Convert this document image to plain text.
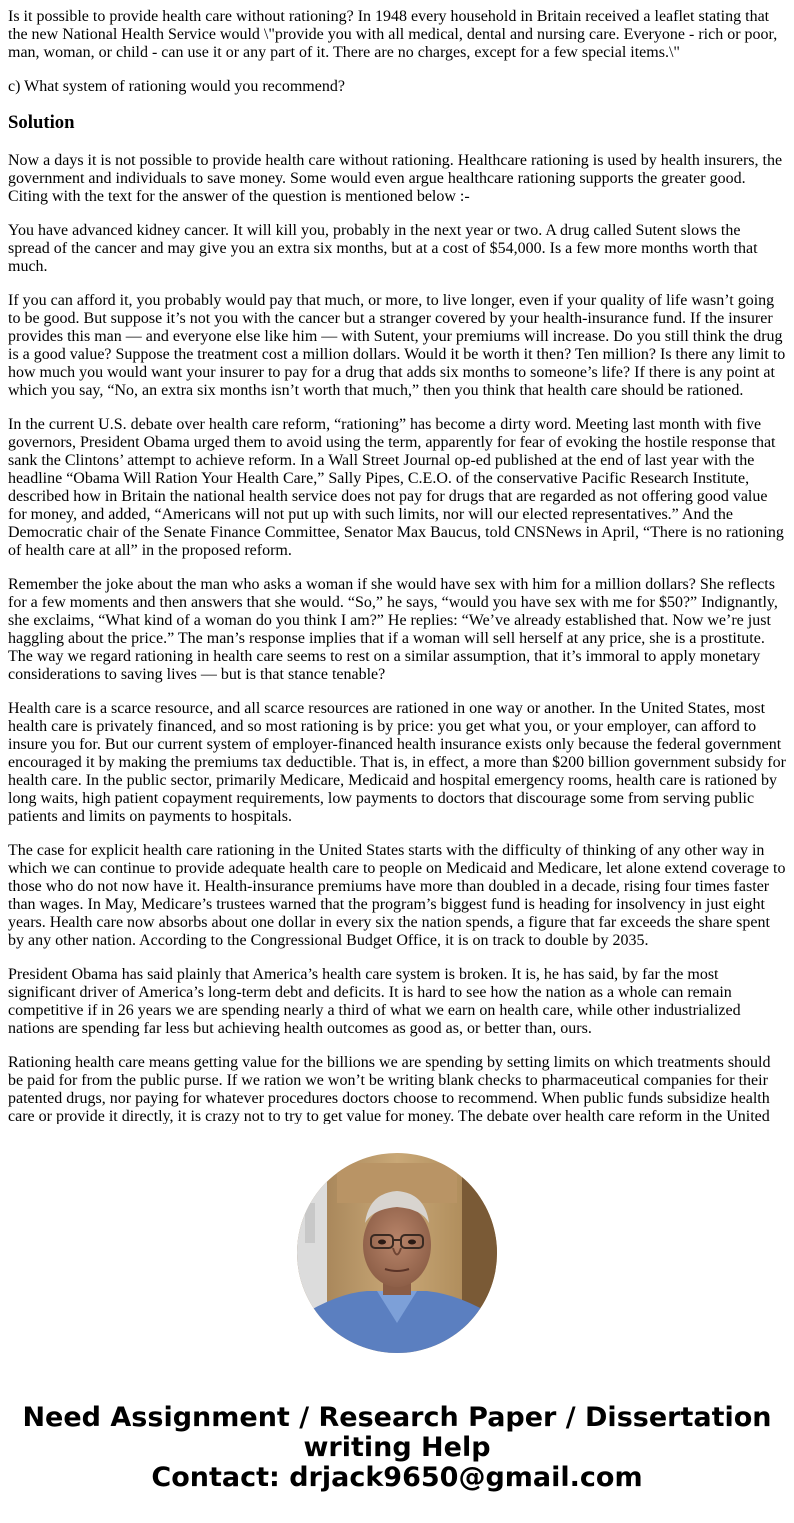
Is it possible to provide health care without rationing? In 1948 every household in Britain received a leaflet stating that the new National Health Service would \"provide you with all medical, dental and nursing care. Everyone - rich or poor, man, woman, or child - can use it or any part of it. There are no charges, except for a few special items.\"

c) What system of rationing would you recommend?

Solution

Now a days it is not possible to provide health care without rationing. Healthcare rationing is used by health insurers, the government and individuals to save money. Some would even argue healthcare rationing supports the greater good. Citing with the text for the answer of the question is mentioned below :-

You have advanced kidney cancer. It will kill you, probably in the next year or two. A drug called Sutent slows the spread of the cancer and may give you an extra six months, but at a cost of $54,000. Is a few more months worth that much.

If you can afford it, you probably would pay that much, or more, to live longer, even if your quality of life wasn’t going to be good. But suppose it’s not you with the cancer but a stranger covered by your health-insurance fund. If the insurer provides this man — and everyone else like him — with Sutent, your premiums will increase. Do you still think the drug is a good value? Suppose the treatment cost a million dollars. Would it be worth it then? Ten million? Is there any limit to how much you would want your insurer to pay for a drug that adds six months to someone’s life? If there is any point at which you say, “No, an extra six months isn’t worth that much,” then you think that health care should be rationed.

In the current U.S. debate over health care reform, “rationing” has become a dirty word. Meeting last month with five governors, President Obama urged them to avoid using the term, apparently for fear of evoking the hostile response that sank the Clintons’ attempt to achieve reform. In a Wall Street Journal op-ed published at the end of last year with the headline “Obama Will Ration Your Health Care,” Sally Pipes, C.E.O. of the conservative Pacific Research Institute, described how in Britain the national health service does not pay for drugs that are regarded as not offering good value for money, and added, “Americans will not put up with such limits, nor will our elected representatives.” And the Democratic chair of the Senate Finance Committee, Senator Max Baucus, told CNSNews in April, “There is no rationing of health care at all” in the proposed reform.

Remember the joke about the man who asks a woman if she would have sex with him for a million dollars? She reflects for a few moments and then answers that she would. “So,” he says, “would you have sex with me for $50?” Indignantly, she exclaims, “What kind of a woman do you think I am?” He replies: “We’ve already established that. Now we’re just haggling about the price.” The man’s response implies that if a woman will sell herself at any price, she is a prostitute. The way we regard rationing in health care seems to rest on a similar assumption, that it’s immoral to apply monetary considerations to saving lives — but is that stance tenable?

Health care is a scarce resource, and all scarce resources are rationed in one way or another. In the United States, most health care is privately financed, and so most rationing is by price: you get what you, or your employer, can afford to insure you for. But our current system of employer-financed health insurance exists only because the federal government encouraged it by making the premiums tax deductible. That is, in effect, a more than $200 billion government subsidy for health care. In the public sector, primarily Medicare, Medicaid and hospital emergency rooms, health care is rationed by long waits, high patient copayment requirements, low payments to doctors that discourage some from serving public patients and limits on payments to hospitals.

The case for explicit health care rationing in the United States starts with the difficulty of thinking of any other way in which we can continue to provide adequate health care to people on Medicaid and Medicare, let alone extend coverage to those who do not now have it. Health-insurance premiums have more than doubled in a decade, rising four times faster than wages. In May, Medicare’s trustees warned that the program’s biggest fund is heading for insolvency in just eight years. Health care now absorbs about one dollar in every six the nation spends, a figure that far exceeds the share spent by any other nation. According to the Congressional Budget Office, it is on track to double by 2035.

President Obama has said plainly that America’s health care system is broken. It is, he has said, by far the most significant driver of America’s long-term debt and deficits. It is hard to see how the nation as a whole can remain competitive if in 26 years we are spending nearly a third of what we earn on health care, while other industrialized nations are spending far less but achieving health outcomes as good as, or better than, ours.

Rationing health care means getting value for the billions we are spending by setting limits on which treatments should be paid for from the public purse. If we ration we won’t be writing blank checks to pharmaceutical companies for their patented drugs, nor paying for whatever procedures doctors choose to recommend. When public funds subsidize health care or provide it directly, it is crazy not to try to get value for money. The debate over health care reform in the United

Need Assignment / Research Paper / Dissertation
writing Help
Contact: drjack9650@gmail.com
